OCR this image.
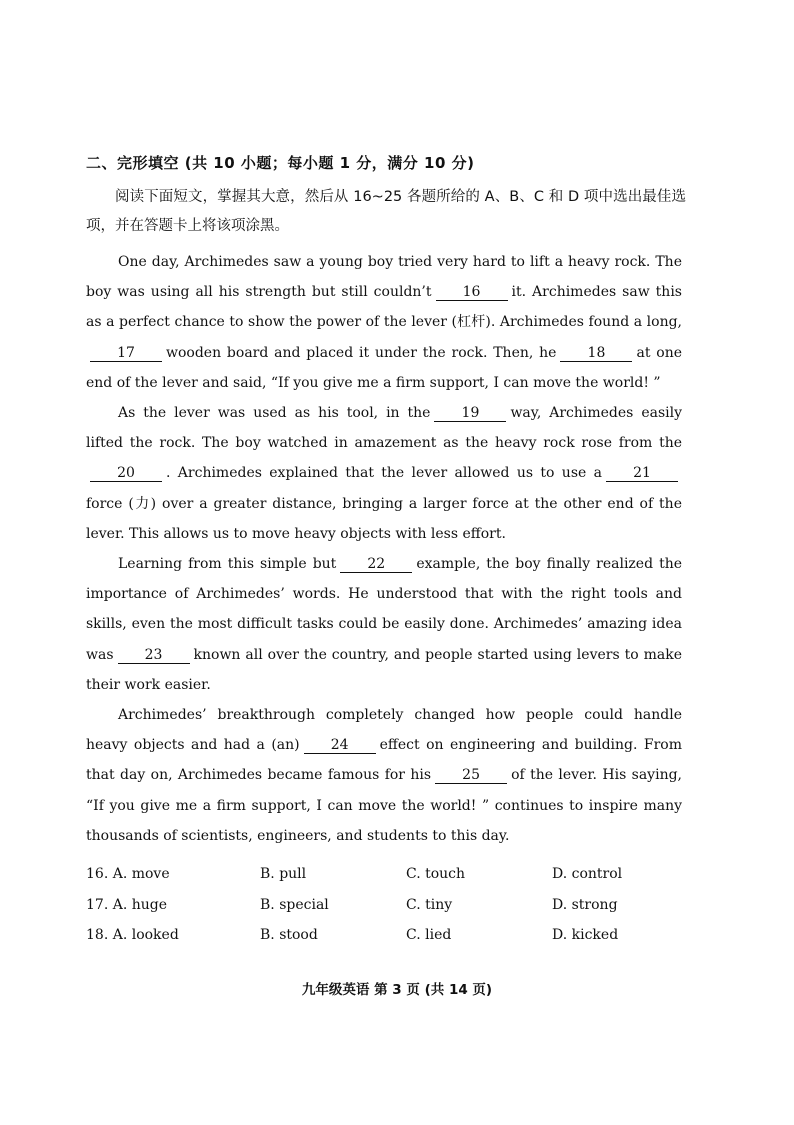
二、完形填空 (共 10 小题；每小题 1 分，满分 10 分)
阅读下面短文，掌握其大意，然后从 16~25 各题所给的 A、B、C 和 D 项中选出最佳选项，并在答题卡上将该项涂黑。

One day, Archimedes saw a young boy tried very hard to lift a heavy rock. The boy was using all his strength but still couldn’t 16 it. Archimedes saw this as a perfect chance to show the power of the lever (杠杆). Archimedes found a long,17 wooden board and placed it under the rock. Then, he 18 at one end of the lever and said, “If you give me a firm support, I can move the world! ”

As the lever was used as his tool, in the 19 way, Archimedes easily lifted the rock. The boy watched in amazement as the heavy rock rose from the20 . Archimedes explained that the lever allowed us to use a 21force (力) over a greater distance, bringing a larger force at the other end of the lever. This allows us to move heavy objects with less effort.

Learning from this simple but 22 example, the boy finally realized the importance of Archimedes’ words. He understood that with the right tools and skills, even the most difficult tasks could be easily done. Archimedes’ amazing idea was 23 known all over the country, and people started using levers to make their work easier.

Archimedes’ breakthrough completely changed how people could handle heavy objects and had a (an) 24 effect on engineering and building. From that day on, Archimedes became famous for his 25 of the lever. His saying, “If you give me a firm support, I can move the world! ” continues to inspire many thousands of scientists, engineers, and students to this day.

16. A. move	B. pull	C. touch	D. control
17. A. huge	B. special	C. tiny	D. strong
18. A. looked	B. stood	C. lied	D. kicked
九年级英语 第 3 页 (共 14 页)
